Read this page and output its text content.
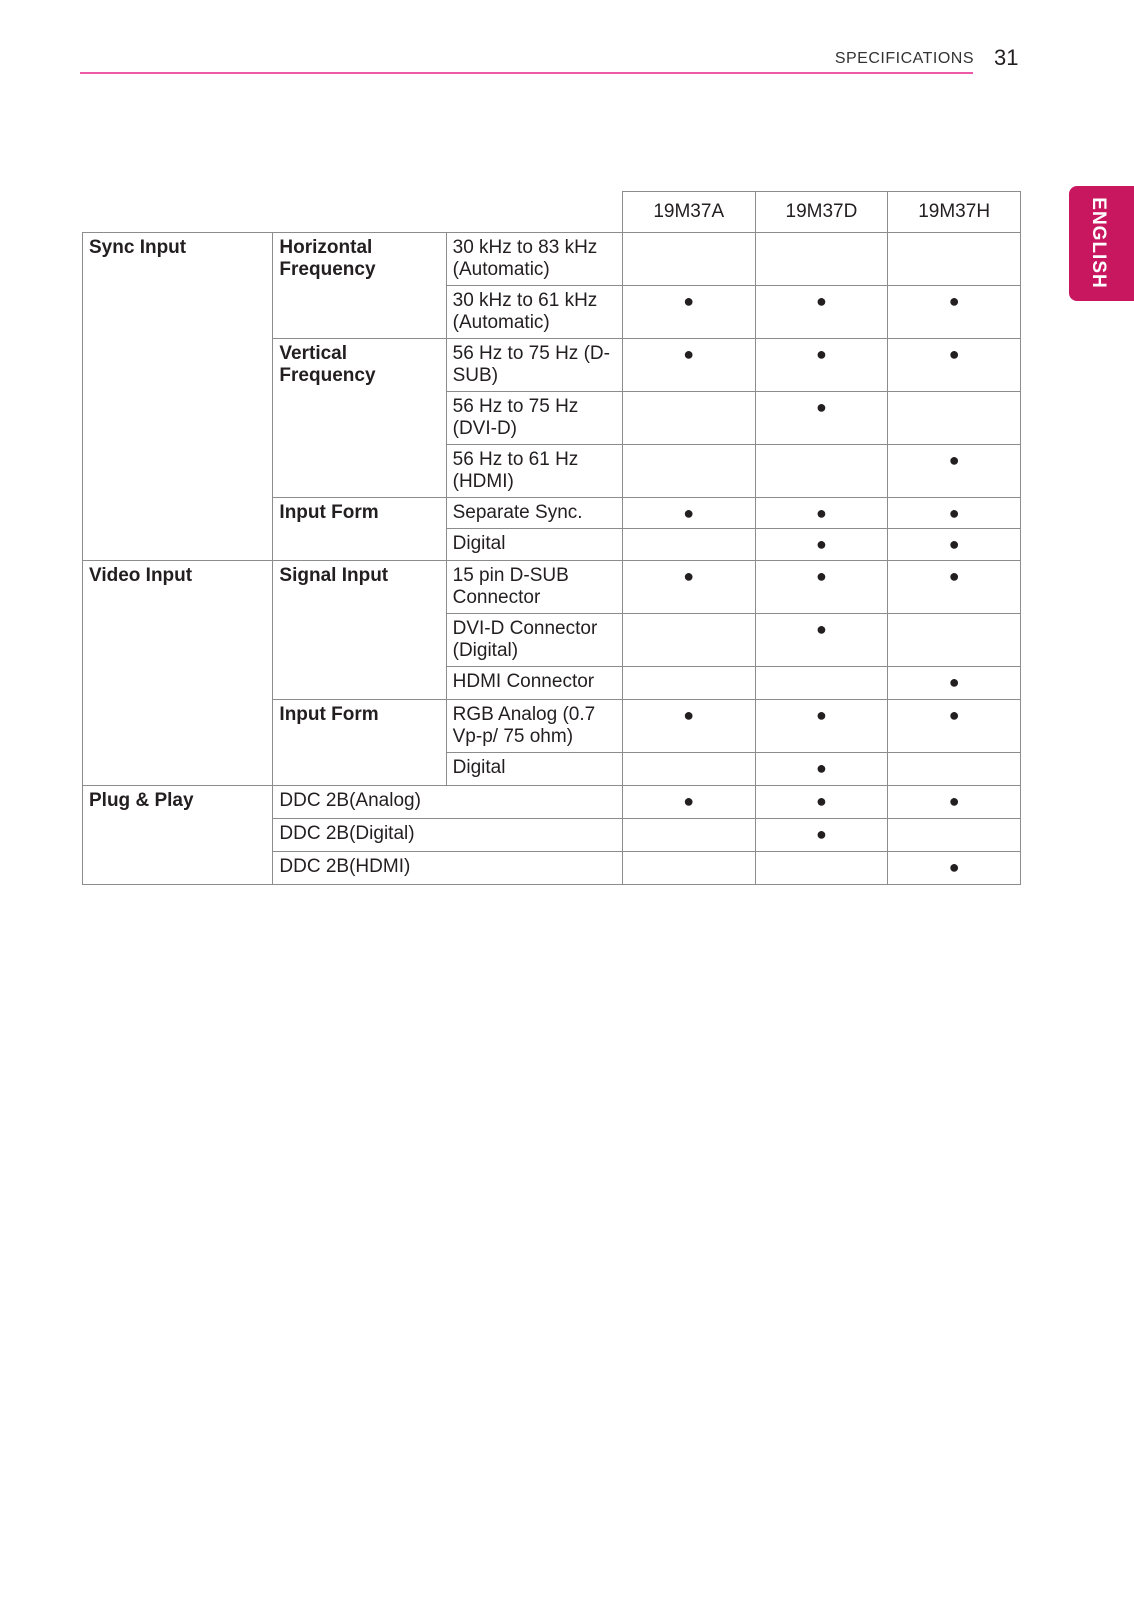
SPECIFICATIONS 31
ENGLISH
			19M37A	19M37D	19M37H
Sync Input	Horizontal Frequency	30 kHz to 83 kHz (Automatic)			
		30 kHz to 61 kHz (Automatic)	●	●	●
	Vertical Frequency	56 Hz to 75 Hz (D-SUB)	●	●	●
		56 Hz to 75 Hz (DVI-D)		●	
		56 Hz to 61 Hz (HDMI)			●
	Input Form	Separate Sync.	●	●	●
		Digital		●	●
Video Input	Signal Input	15 pin D-SUB Connector	●	●	●
		DVI-D Connector (Digital)		●	
		HDMI Connector			●
	Input Form	RGB Analog (0.7 Vp-p/ 75 ohm)	●	●	●
		Digital		●	
Plug & Play	DDC 2B(Analog)		●	●	●
	DDC 2B(Digital)			●	
	DDC 2B(HDMI)				●
